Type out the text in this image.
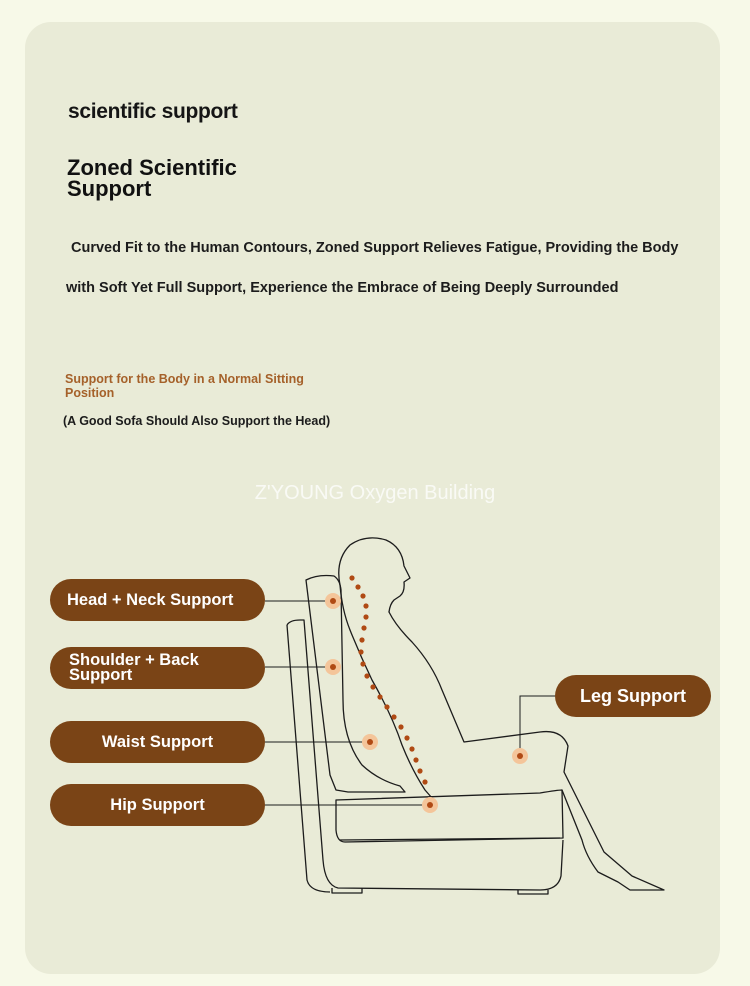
scientific support
Zoned Scientific Support
Curved Fit to the Human Contours, Zoned Support Relieves Fatigue, Providing the Body with Soft Yet Full Support, Experience the Embrace of Being Deeply Surrounded
Support for the Body in a Normal Sitting Position
(A Good Sofa Should Also Support the Head)
Z'YOUNG Oxygen Building
Head + Neck Support
Shoulder + Back Support
Waist Support
Hip Support
Leg Support
